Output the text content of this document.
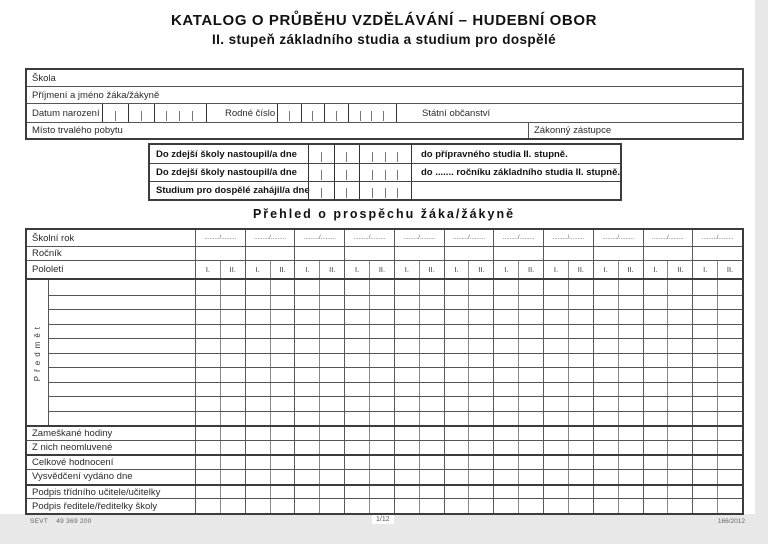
KATALOG O PRŮBĚHU VZDĚLÁVÁNÍ – HUDEBNÍ OBOR
II. stupeň základního studia a studium pro dospělé
Škola
Příjmení a jméno žáka/žákyně
Datum narození	Rodné číslo	Státní občanství
Místo trvalého pobytu	Zákonný zástupce
Do zdejší školy nastoupil/a dne	do přípravného studia II. stupně.
Do zdejší školy nastoupil/a dne	do ....... ročníku základního studia II. stupně.
Studium pro dospělé zahájil/a dne
Přehled o prospěchu žáka/žákyně
Školní rok	........./.........	........./.........	........./.........	........./.........	........./.........	........./.........	........./.........	........./.........	........./.........	........./.........	........./.........
Ročník
Pololetí	I.	II.	I.	II.	I.	II.	I.	II.	I.	II.	I.	II.	I.	II.	I.	II.	I.	II.	I.	II.	I.	II.
Předmět
Zameškané hodiny
Z nich neomluvené
Celkové hodnocení
Vysvědčení vydáno dne
Podpis třídního učitele/učitelky
Podpis ředitele/ředitelky školy
SEVT 49 369 200	1/12	166/2012
